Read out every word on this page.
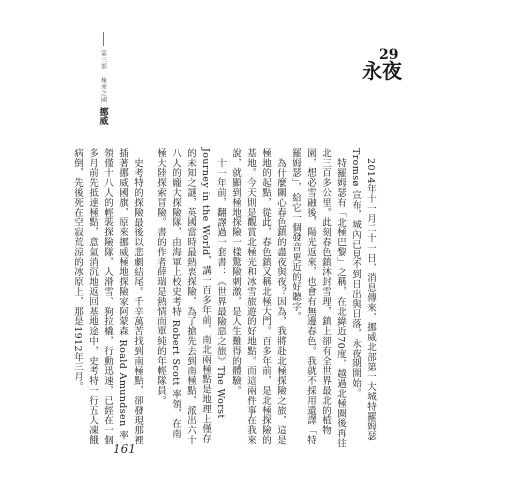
第三部 極寒之國
挪威
29
永夜

2014年十一月二十一日，消息傳來，挪威北部第一大城特羅姆瑟 Tromsø 宣布，城內已見不到日出與日落，永夜期開始。

特羅姆瑟有「北極巴黎」之稱，在北緯近70度，越過北極圈後再往北三百多公里。此刻春色鎮沐封雪理，鎮上卻有全世界最北的植物園，想必雪融後，陽光返來，也會有無邊春色。我就不採用遺譯「特羅姆瑟」，給它一個發音更近的好聽字。

為什麼關心春色鎮的盡夜與夜？因為，我將赴北極探險之旅，這是極地的起點，從此，春色鎮又稱北極大門。百多年前，是北極探險的基地。今天則是觀賞北極光和冰雪旅遊的好地點。而這兩件事在我來說，就顯到極地探險一樣驚險刺激，是人生難得的體驗。

十一年前，翻譯過一套書：《世界最險惡之旅》The Worst Journey in the World，講一百多年前，南北兩極點是地理上僅存的未知之謎，英國當時最熱衷探險，為了搶先去到南極點，派出六十八人的龐大探險隊，由海軍上校史考特 Robert Scott 率領，在南極大陸探索冒險。書的作者薛瑞是熱情而單純的年輕隊員。

史考特的探險最後以悲劇結尾。千辛萬苦找到南極點，卻發現那裡插著挪威國旗，原來挪威極地探險家阿蒙森 Roald Amundsen 率領僅十八人的輕裝探險隊，人滑雪、狗拉橇，行動迅速，已經在一個多月前先抵達極點，意氣消沉地返回基地途中，史考特一行五人凍餓病倒，先後死在空寂荒涼的冰原上，那是1912年三月。

161
